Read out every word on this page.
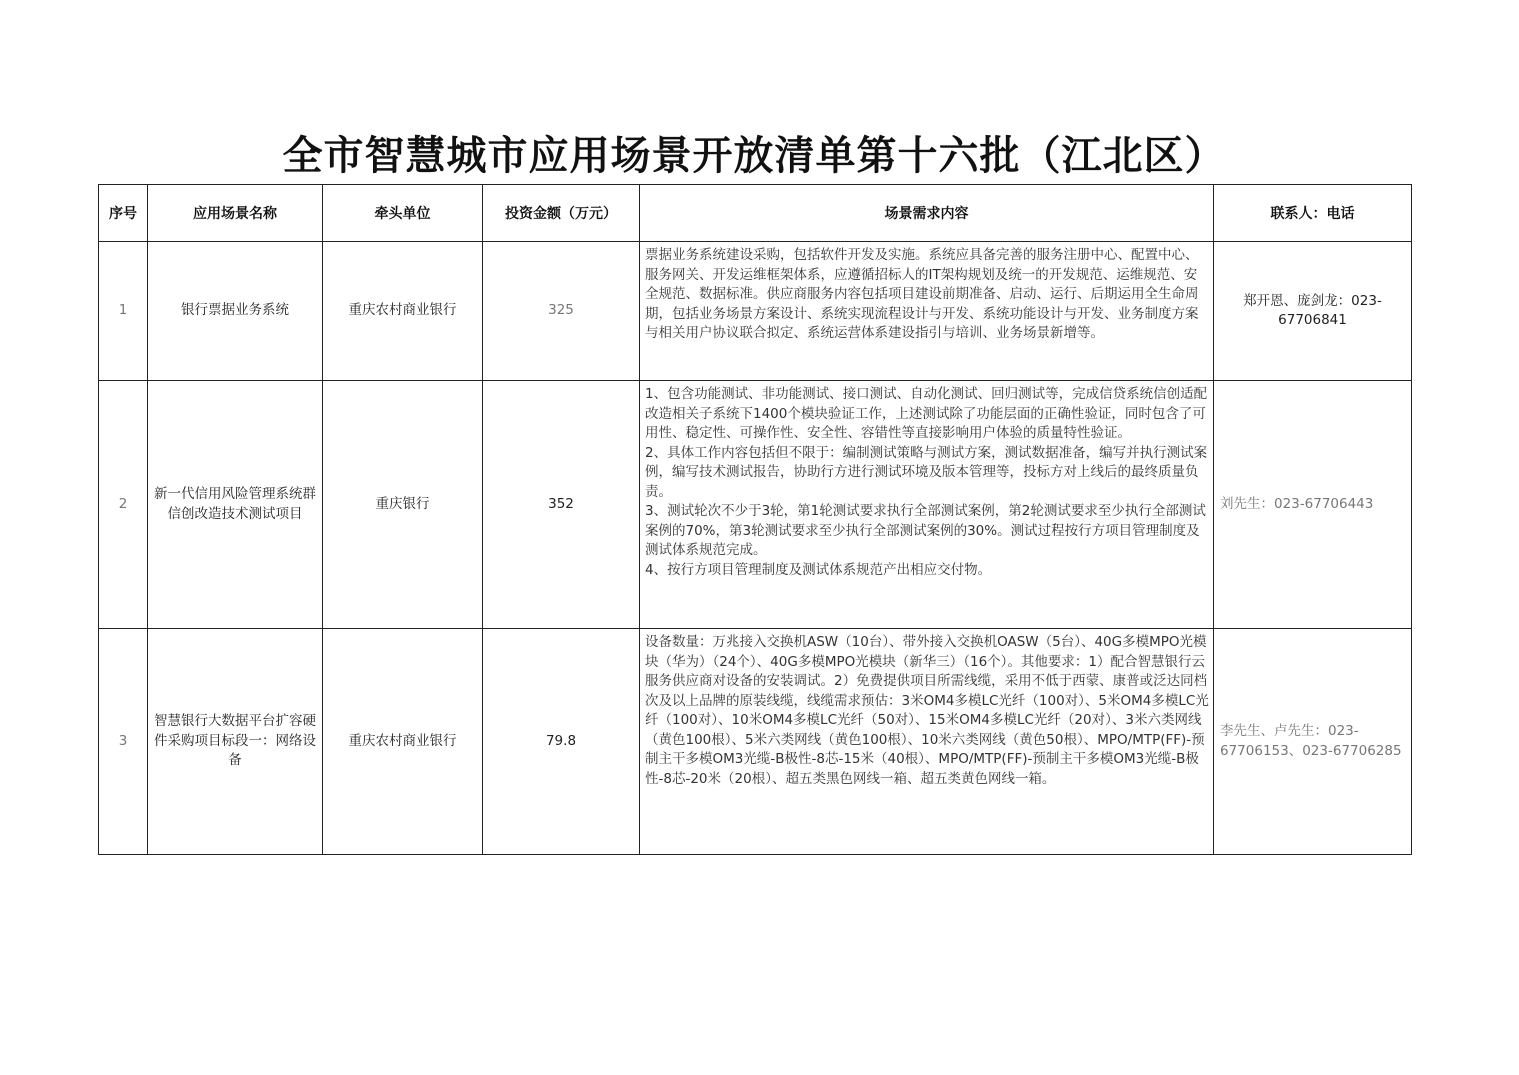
全市智慧城市应用场景开放清单第十六批（江北区）
序号	应用场景名称	牵头单位	投资金额（万元）	场景需求内容	联系人：电话
1	银行票据业务系统	重庆农村商业银行	325	票据业务系统建设采购，包括软件开发及实施。系统应具备完善的服务注册中心、配置中心、服务网关、开发运维框架体系，应遵循招标人的IT架构规划及统一的开发规范、运维规范、安全规范、数据标准。供应商服务内容包括项目建设前期准备、启动、运行、后期运用全生命周期，包括业务场景方案设计、系统实现流程设计与开发、系统功能设计与开发、业务制度方案与相关用户协议联合拟定、系统运营体系建设指引与培训、业务场景新增等。	郑开恩、庞剑龙：023-67706841
2	新一代信用风险管理系统群信创改造技术测试项目	重庆银行	352	1、包含功能测试、非功能测试、接口测试、自动化测试、回归测试等，完成信贷系统信创适配改造相关子系统下1400个模块验证工作，上述测试除了功能层面的正确性验证，同时包含了可用性、稳定性、可操作性、安全性、容错性等直接影响用户体验的质量特性验证。
2、具体工作内容包括但不限于：编制测试策略与测试方案，测试数据准备，编写并执行测试案例，编写技术测试报告，协助行方进行测试环境及版本管理等，投标方对上线后的最终质量负责。
3、测试轮次不少于3轮，第1轮测试要求执行全部测试案例，第2轮测试要求至少执行全部测试案例的70%，第3轮测试要求至少执行全部测试案例的30%。测试过程按行方项目管理制度及测试体系规范完成。
4、按行方项目管理制度及测试体系规范产出相应交付物。	刘先生：023-67706443
3	智慧银行大数据平台扩容硬件采购项目标段一：网络设备	重庆农村商业银行	79.8	设备数量：万兆接入交换机ASW（10台）、带外接入交换机OASW（5台）、40G多模MPO光模块（华为）（24个）、40G多模MPO光模块（新华三）（16个）。其他要求：1）配合智慧银行云服务供应商对设备的安装调试。2）免费提供项目所需线缆，采用不低于西蒙、康普或泛达同档次及以上品牌的原装线缆，线缆需求预估：3米OM4多模LC光纤（100对）、5米OM4多模LC光纤（100对）、10米OM4多模LC光纤（50对）、15米OM4多模LC光纤（20对）、3米六类网线（黄色100根）、5米六类网线（黄色100根）、10米六类网线（黄色50根）、MPO/MTP(FF)-预制主干多模OM3光缆-B极性-8芯-15米（40根）、MPO/MTP(FF)-预制主干多模OM3光缆-B极性-8芯-20米（20根）、超五类黑色网线一箱、超五类黄色网线一箱。	李先生、卢先生：023-67706153、023-67706285
